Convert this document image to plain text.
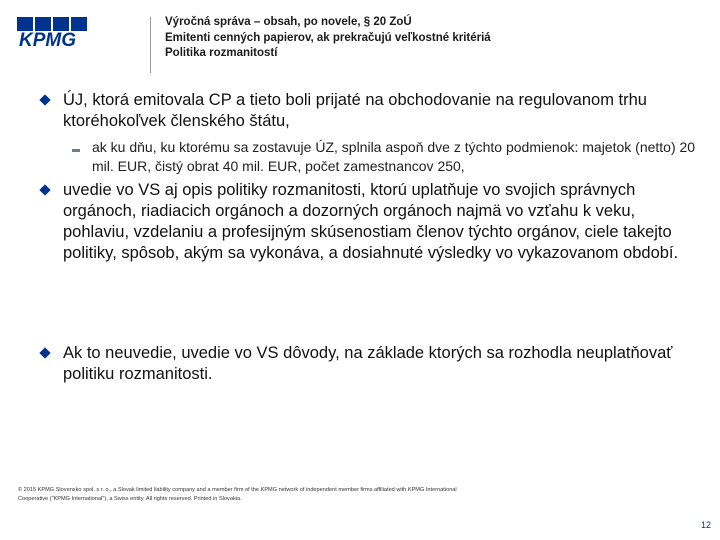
KPMG
Výročná správa – obsah, po novele, § 20 ZoÚ
Emitenti cenných papierov, ak prekračujú veľkostné kritériá
Politika rozmanitostí
ÚJ, ktorá emitovala CP a tieto boli prijaté na obchodovanie na regulovanom trhu ktoréhokoľvek členského štátu,
ak ku dňu, ku ktorému sa zostavuje ÚZ, splnila aspoň dve z týchto podmienok: majetok (netto) 20 mil. EUR, čistý obrat 40 mil. EUR, počet zamestnancov 250,
uvedie vo VS aj opis politiky rozmanitosti, ktorú uplatňuje vo svojich správnych orgánoch, riadiacich orgánoch a dozorných orgánoch najmä vo vzťahu k veku, pohlaviu, vzdelaniu a profesijným skúsenostiam členov týchto orgánov, ciele takejto politiky, spôsob, akým sa vykonáva, a dosiahnuté výsledky vo vykazovanom období.
Ak to neuvedie, uvedie vo VS dôvody, na základe ktorých sa rozhodla neuplatňovať politiku rozmanitosti.
© 2015 KPMG Slovensko spol. s r. o., a Slovak limited liability company and a member firm of the KPMG network of independent member firms affiliated with KPMG International
Cooperative ("KPMG International"), a Swiss entity. All rights reserved. Printed in Slovakia.
12
